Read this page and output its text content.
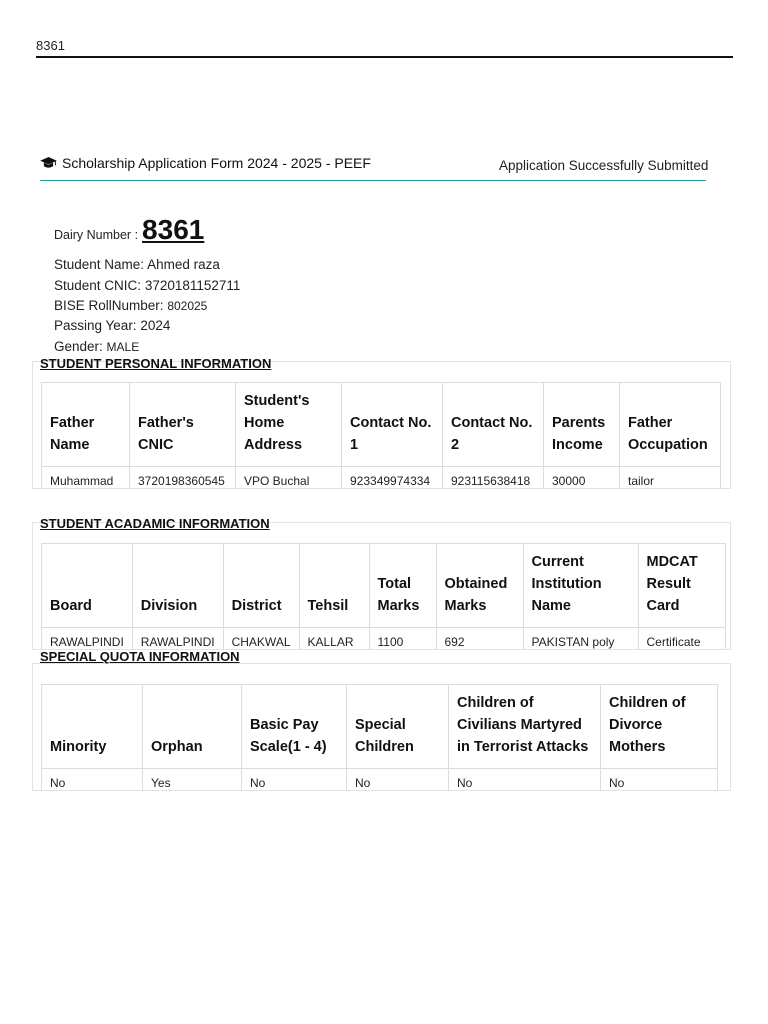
8361
Scholarship Application Form 2024 - 2025 - PEEF	Application Successfully Submitted
Dairy Number : 8361
Student Name: Ahmed raza
Student CNIC: 3720181152711
BISE RollNumber: 802025
Passing Year: 2024
Gender: MALE
Father Name	Father's CNIC	Student's Home Address	Contact No. 1	Contact No. 2	Parents Income	Father Occupation
Muhammad	3720198360545	VPO Buchal	923349974334	923115638418	30000	tailor
STUDENT PERSONAL INFORMATION
Board	Division	District	Tehsil	Total Marks	Obtained Marks	Current Institution Name	MDCAT Result Card
RAWALPINDI	RAWALPINDI	CHAKWAL	KALLAR	1100	692	PAKISTAN poly	Certificate
STUDENT ACADAMIC INFORMATION
Minority	Orphan	Basic Pay Scale(1 - 4)	Special Children	Children of Civilians Martyred in Terrorist Attacks	Children of Divorce Mothers
No	Yes	No	No	No	No
SPECIAL QUOTA INFORMATION
